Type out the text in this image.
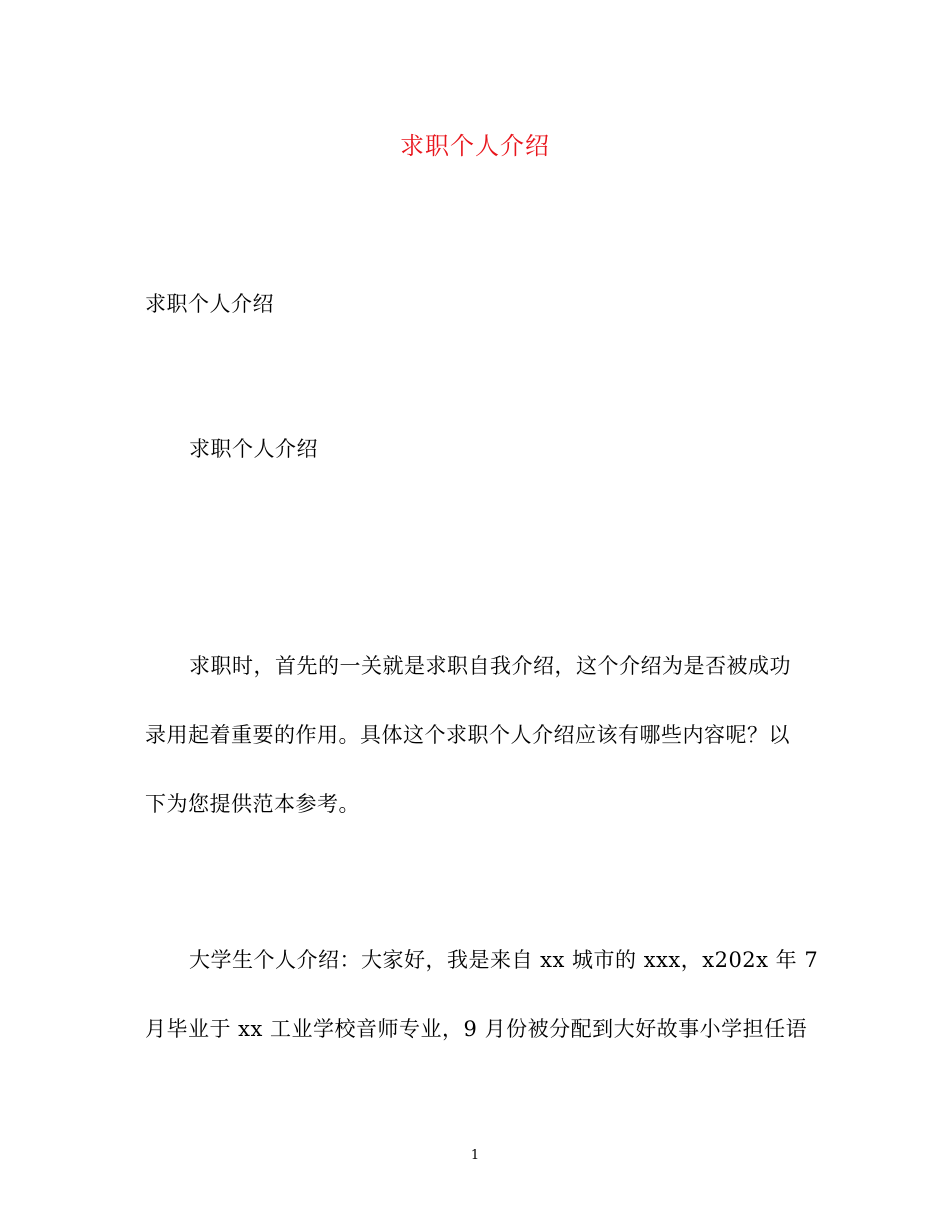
求职个人介绍
求职个人介绍
求职个人介绍
求职时，首先的一关就是求职自我介绍，这个介绍为是否被成功
录用起着重要的作用。具体这个求职个人介绍应该有哪些内容呢？以
下为您提供范本参考。
大学生个人介绍：大家好，我是来自 xx 城市的 xxx，x202x 年 7
月毕业于 xx 工业学校音师专业，9 月份被分配到大好故事小学担任语
1
